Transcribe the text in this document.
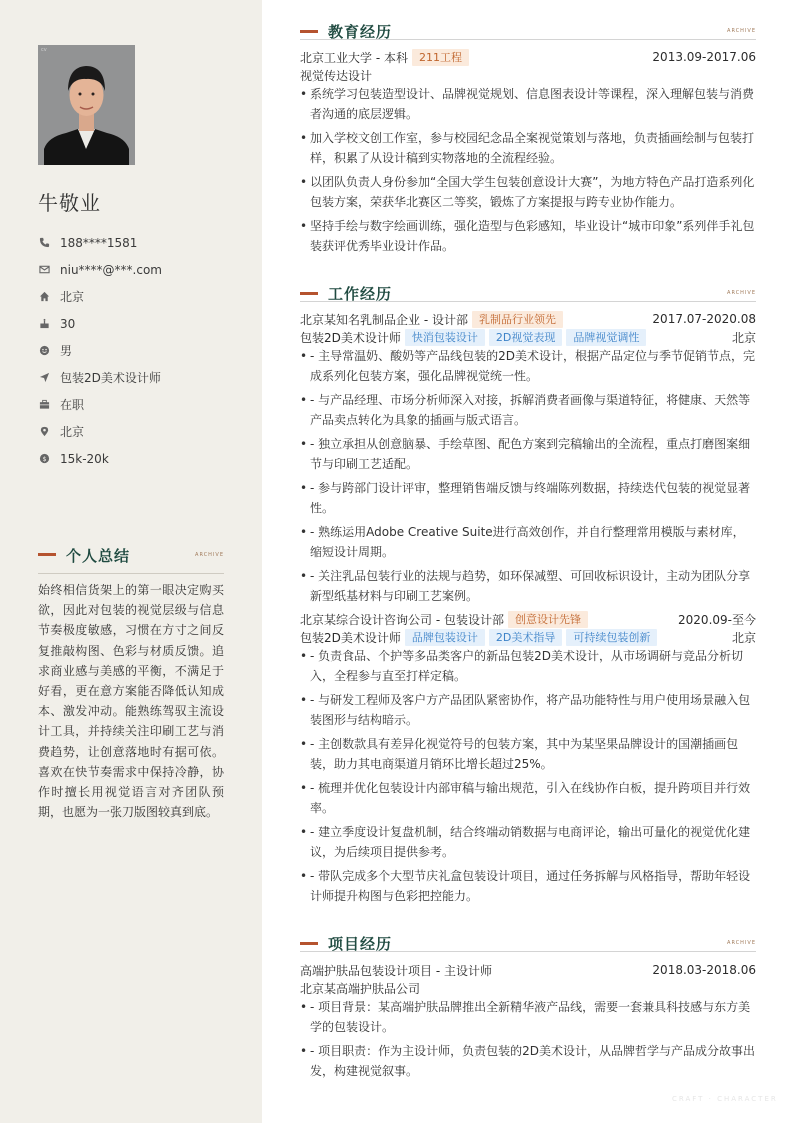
cv
牛敬业
188****1581
niu****@***.com
北京
30
男
包装2D美术设计师
在职
北京
$ 15k-20k
个人总结	ARCHIVE
始终相信货架上的第一眼决定购买欲，因此对包装的视觉层级与信息节奏极度敏感，习惯在方寸之间反复推敲构图、色彩与材质反馈。追求商业感与美感的平衡，不满足于好看，更在意方案能否降低认知成本、激发冲动。能熟练驾驭主流设计工具，并持续关注印刷工艺与消费趋势，让创意落地时有据可依。喜欢在快节奏需求中保持冷静，协作时擅长用视觉语言对齐团队预期，也愿为一张刀版图较真到底。
教育经历	ARCHIVE
北京工业大学 - 本科	211工程	2013.09-2017.06
视觉传达设计
• 系统学习包装造型设计、品牌视觉规划、信息图表设计等课程，深入理解包装与消费者沟通的底层逻辑。
• 加入学校文创工作室，参与校园纪念品全案视觉策划与落地，负责插画绘制与包装打样，积累了从设计稿到实物落地的全流程经验。
• 以团队负责人身份参加“全国大学生包装创意设计大赛”，为地方特色产品打造系列化包装方案，荣获华北赛区二等奖，锻炼了方案提报与跨专业协作能力。
• 坚持手绘与数字绘画训练，强化造型与色彩感知，毕业设计“城市印象”系列伴手礼包装获评优秀毕业设计作品。
工作经历	ARCHIVE
北京某知名乳制品企业 - 设计部	乳制品行业领先	2017.07-2020.08
包装2D美术设计师	快消包装设计	2D视觉表现	品牌视觉调性	北京
• - 主导常温奶、酸奶等产品线包装的2D美术设计，根据产品定位与季节促销节点，完成系列化包装方案，强化品牌视觉统一性。
• - 与产品经理、市场分析师深入对接，拆解消费者画像与渠道特征，将健康、天然等产品卖点转化为具象的插画与版式语言。
• - 独立承担从创意脑暴、手绘草图、配色方案到完稿输出的全流程，重点打磨图案细节与印刷工艺适配。
• - 参与跨部门设计评审，整理销售端反馈与终端陈列数据，持续迭代包装的视觉显著性。
• - 熟练运用Adobe Creative Suite进行高效创作，并自行整理常用模版与素材库，缩短设计周期。
• - 关注乳品包装行业的法规与趋势，如环保减塑、可回收标识设计，主动为团队分享新型纸基材料与印刷工艺案例。
北京某综合设计咨询公司 - 包装设计部	创意设计先锋	2020.09-至今
包装2D美术设计师	品牌包装设计	2D美术指导	可持续包装创新	北京
• - 负责食品、个护等多品类客户的新品包装2D美术设计，从市场调研与竞品分析切入，全程参与直至打样定稿。
• - 与研发工程师及客户方产品团队紧密协作，将产品功能特性与用户使用场景融入包装图形与结构暗示。
• - 主创数款具有差异化视觉符号的包装方案，其中为某坚果品牌设计的国潮插画包装，助力其电商渠道月销环比增长超过25%。
• - 梳理并优化包装设计内部审稿与输出规范，引入在线协作白板，提升跨项目并行效率。
• - 建立季度设计复盘机制，结合终端动销数据与电商评论，输出可量化的视觉优化建议，为后续项目提供参考。
• - 带队完成多个大型节庆礼盒包装设计项目，通过任务拆解与风格指导，帮助年轻设计师提升构图与色彩把控能力。
项目经历	ARCHIVE
高端护肤品包装设计项目 - 主设计师	2018.03-2018.06
北京某高端护肤品公司
• - 项目背景：某高端护肤品牌推出全新精华液产品线，需要一套兼具科技感与东方美学的包装设计。
• - 项目职责：作为主设计师，负责包装的2D美术设计，从品牌哲学与产品成分故事出发，构建视觉叙事。
CRAFT · CHARACTER
